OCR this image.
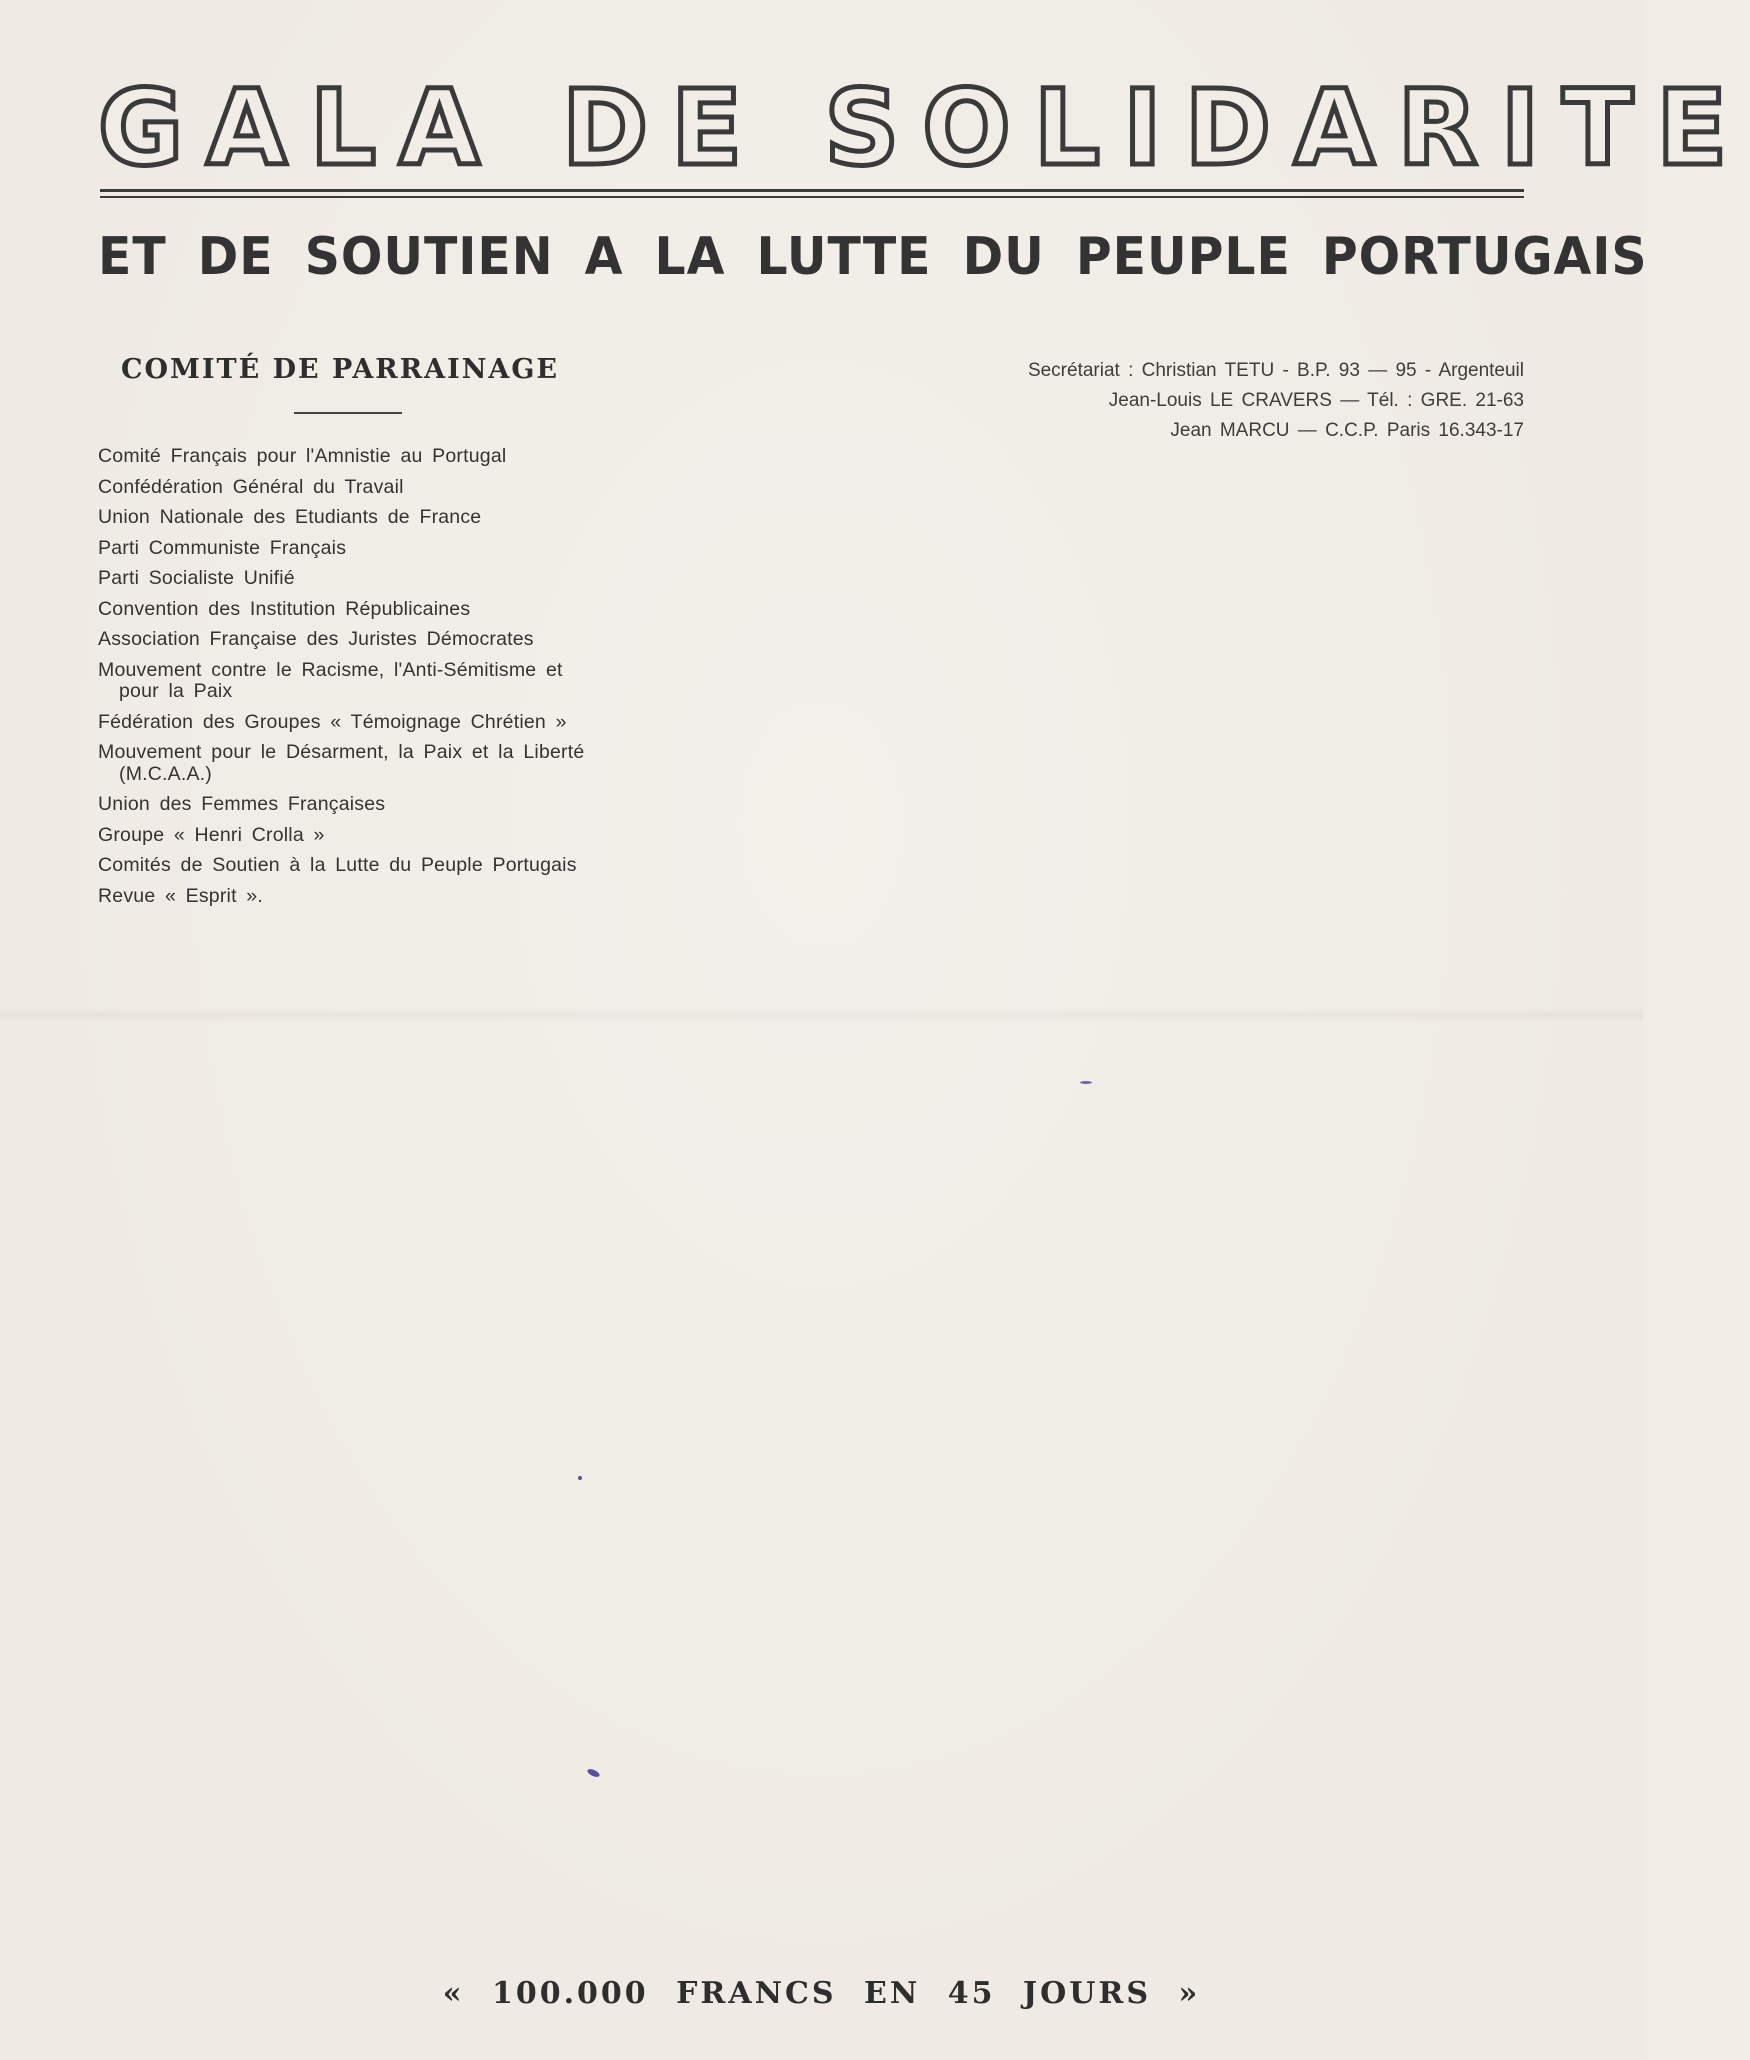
GALA DE SOLIDARITE
ET DE SOUTIEN A LA LUTTE DU PEUPLE PORTUGAIS
COMITÉ DE PARRAINAGE
Comité Français pour l'Amnistie au Portugal
Confédération Général du Travail
Union Nationale des Etudiants de France
Parti Communiste Français
Parti Socialiste Unifié
Convention des Institution Républicaines
Association Française des Juristes Démocrates
Mouvement contre le Racisme, l'Anti-Sémitisme et pour la Paix
Fédération des Groupes « Témoignage Chrétien »
Mouvement pour le Désarment, la Paix et la Liberté (M.C.A.A.)
Union des Femmes Françaises
Groupe « Henri Crolla »
Comités de Soutien à la Lutte du Peuple Portugais
Revue « Esprit ».
Secrétariat : Christian TETU - B.P. 93 — 95 - Argenteuil
Jean-Louis LE CRAVERS — Tél. : GRE. 21-63
Jean MARCU — C.C.P. Paris 16.343-17

« 100.000 FRANCS EN 45 JOURS »
